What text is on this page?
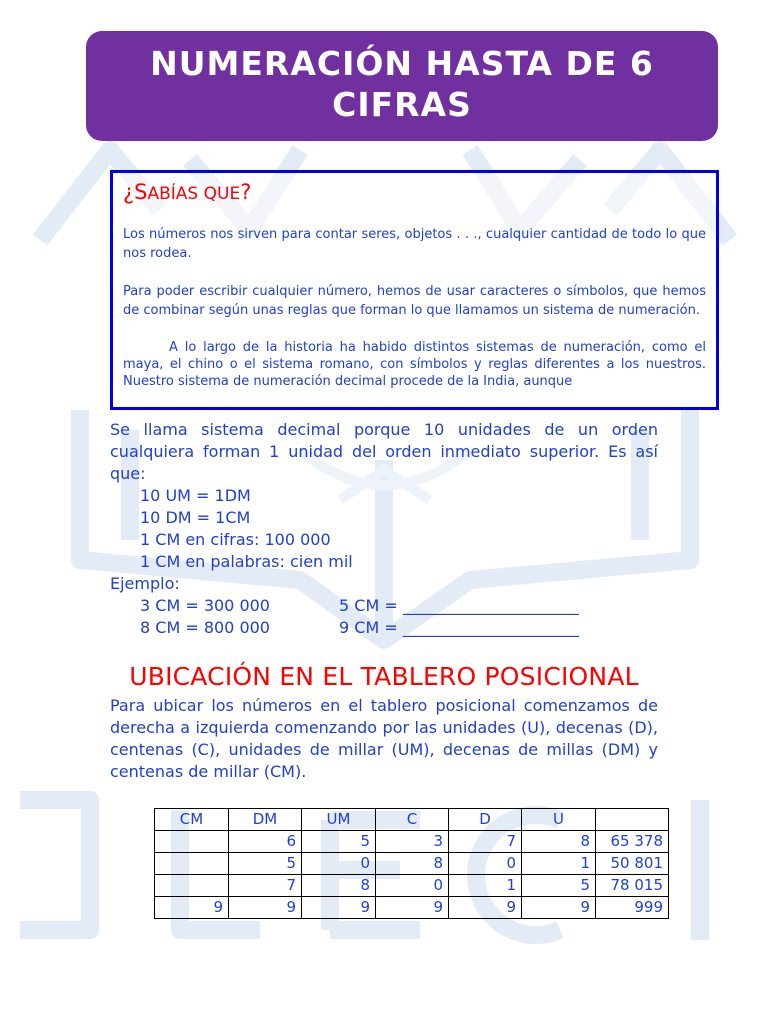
NUMERACIÓN HASTA DE 6
CIFRAS
¿SABÍAS QUE?

Los números nos sirven para contar seres, objetos . . ., cualquier cantidad de todo lo que nos rodea.

Para poder escribir cualquier número, hemos de usar caracteres o símbolos, que hemos de combinar según unas reglas que forman lo que llamamos un sistema de numeración.

A lo largo de la historia ha habido distintos sistemas de numeración, como el maya, el chino o el sistema romano, con símbolos y reglas diferentes a los nuestros. Nuestro sistema de numeración decimal procede de la India, aunque

Se llama sistema decimal porque 10 unidades de un orden cualquiera forman 1 unidad del orden inmediato superior. Es así que:
10 UM = 1DM
10 DM = 1CM
1 CM en cifras: 100 000
1 CM en palabras: cien mil
Ejemplo:
3 CM = 300 000	5 CM = ______________________
8 CM = 800 000	9 CM = ______________________
UBICACIÓN EN EL TABLERO POSICIONAL
Para ubicar los números en el tablero posicional comenzamos de derecha a izquierda comenzando por las unidades (U), decenas (D), centenas (C), unidades de millar (UM), decenas de millas (DM) y centenas de millar (CM).
CM	DM	UM	C	D	U	
	6	5	3	7	8	65 378
	5	0	8	0	1	50 801
	7	8	0	1	5	78 015
9	9	9	9	9	9	999
